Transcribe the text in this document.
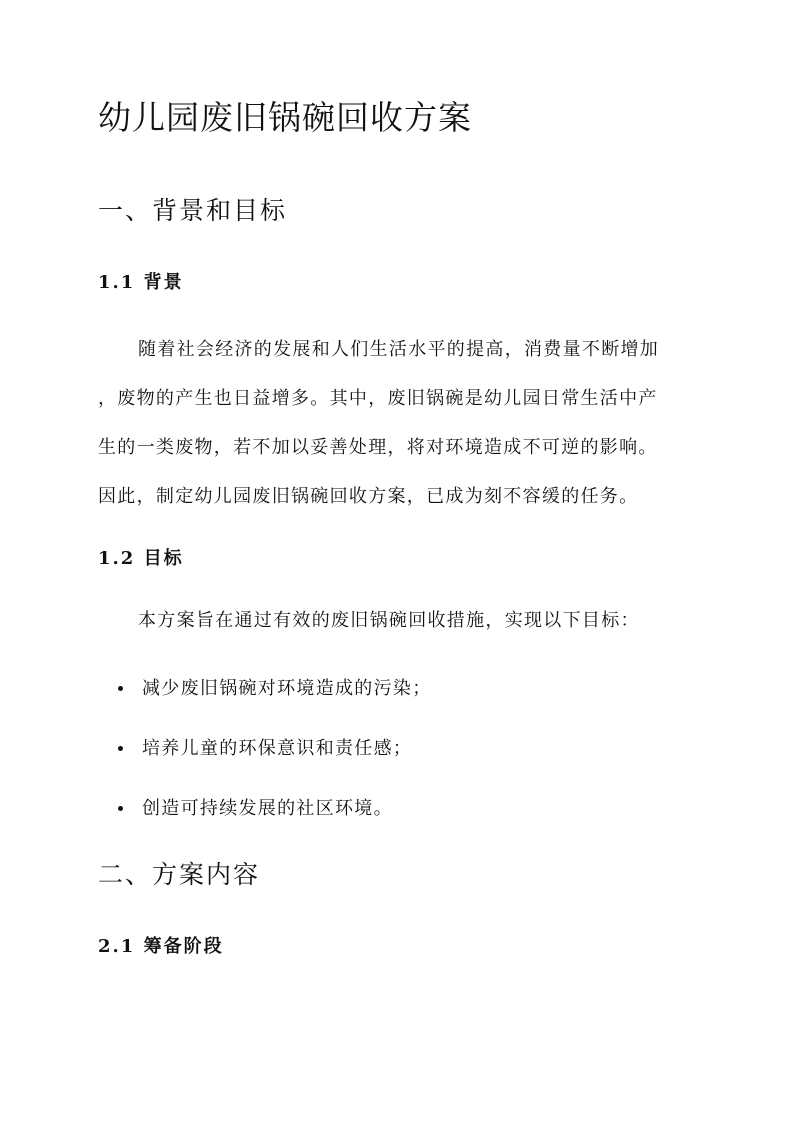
幼儿园废旧锅碗回收方案
一、背景和目标
1.1 背景
随着社会经济的发展和人们生活水平的提高，消费量不断增加
，废物的产生也日益增多。其中，废旧锅碗是幼儿园日常生活中产
生的一类废物，若不加以妥善处理，将对环境造成不可逆的影响。
因此，制定幼儿园废旧锅碗回收方案，已成为刻不容缓的任务。
1.2 目标

本方案旨在通过有效的废旧锅碗回收措施，实现以下目标：

减少废旧锅碗对环境造成的污染；
培养儿童的环保意识和责任感；
创造可持续发展的社区环境。
二、方案内容
2.1 筹备阶段
